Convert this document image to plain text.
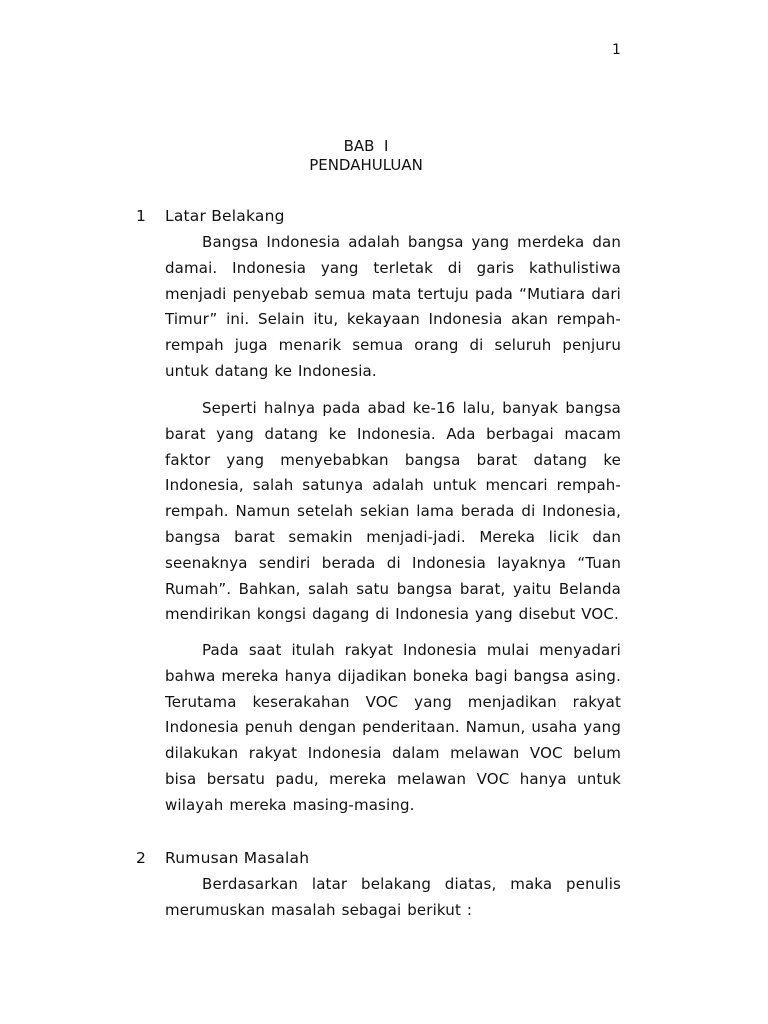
1
BAB  I
PENDAHULUAN
1	Latar Belakang

Bangsa Indonesia adalah bangsa yang merdeka dan damai. Indonesia yang terletak di garis kathulistiwa menjadi penyebab semua mata tertuju pada “Mutiara dari Timur” ini. Selain itu, kekayaan Indonesia akan rempah-rempah juga menarik semua orang di seluruh penjuru untuk datang ke Indonesia.

Seperti halnya pada abad ke-16 lalu, banyak bangsa barat yang datang ke Indonesia. Ada berbagai macam faktor yang menyebabkan bangsa barat datang ke Indonesia, salah satunya adalah untuk mencari rempah-rempah. Namun setelah sekian lama berada di Indonesia, bangsa barat semakin menjadi-jadi. Mereka licik dan seenaknya sendiri berada di Indonesia layaknya “Tuan Rumah”. Bahkan, salah satu bangsa barat, yaitu Belanda mendirikan kongsi dagang di Indonesia yang disebut VOC.

Pada saat itulah rakyat Indonesia mulai menyadari bahwa mereka hanya dijadikan boneka bagi bangsa asing. Terutama keserakahan VOC yang menjadikan rakyat Indonesia penuh dengan penderitaan. Namun, usaha yang dilakukan rakyat Indonesia dalam melawan VOC belum bisa bersatu padu, mereka melawan VOC hanya untuk wilayah mereka masing-masing.

2	Rumusan Masalah

Berdasarkan latar belakang diatas, maka penulis merumuskan masalah sebagai berikut :
